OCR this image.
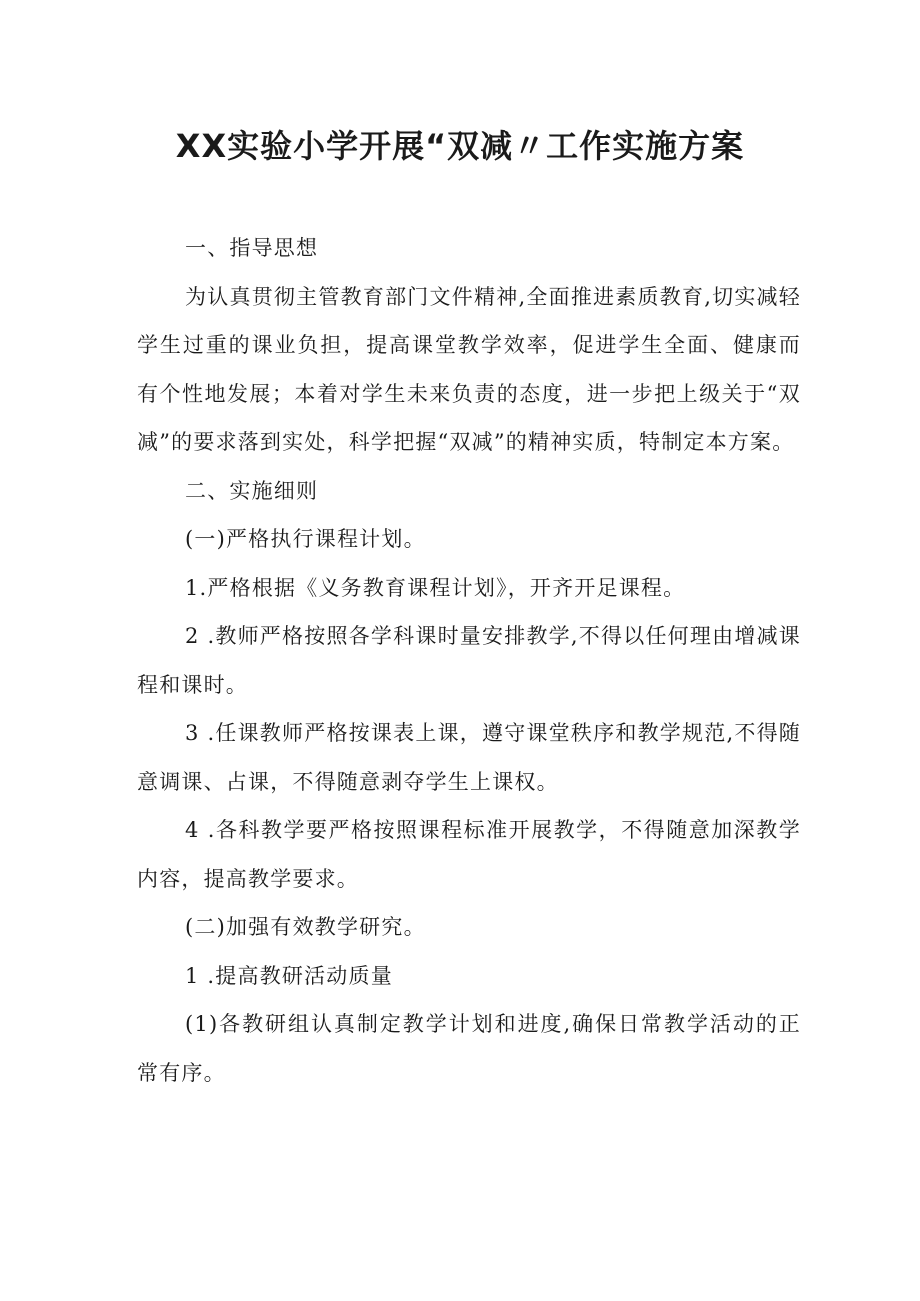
XX实验小学开展“双减〃工作实施方案

一、指导思想

为认真贯彻主管教育部门文件精神,全面推进素质教育,切实减轻学生过重的课业负担，提高课堂教学效率，促进学生全面、健康而有个性地发展；本着对学生未来负责的态度，进一步把上级关于“双减”的要求落到实处，科学把握“双减”的精神实质，特制定本方案。

二、实施细则

(一)严格执行课程计划。

1.严格根据《义务教育课程计划》，开齐开足课程。

2 .教师严格按照各学科课时量安排教学,不得以任何理由增减课程和课时。

3 .任课教师严格按课表上课，遵守课堂秩序和教学规范,不得随意调课、占课，不得随意剥夺学生上课权。

4 .各科教学要严格按照课程标准开展教学，不得随意加深教学内容，提高教学要求。

(二)加强有效教学研究。

1 .提高教研活动质量

(1)各教研组认真制定教学计划和进度,确保日常教学活动的正常有序。
